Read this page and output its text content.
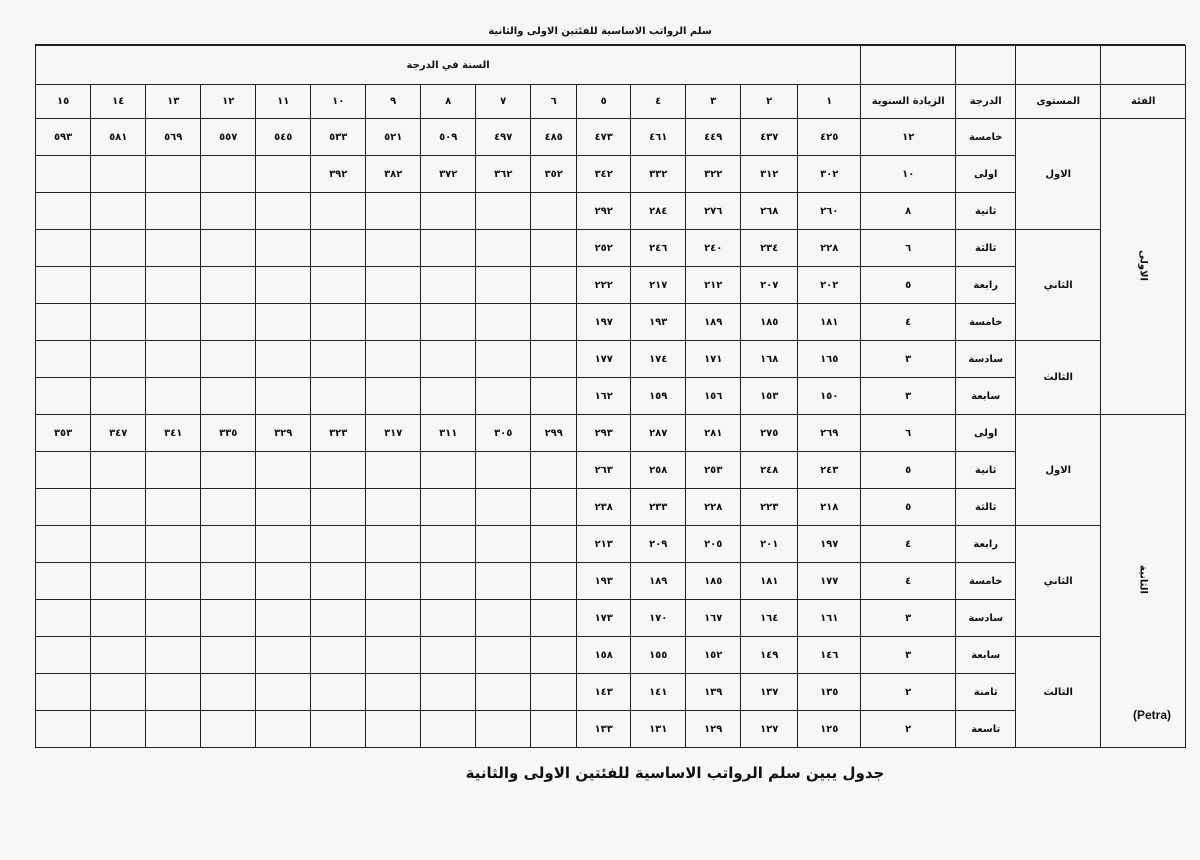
سلم الرواتب الاساسية للفئتين الاولى والثانية
				السنة في الدرجة														
الفئة	المستوى	الدرجة	الزيادة السنوية	١	٢	٣	٤	٥	٦	٧	٨	٩	١٠	١١	١٢	١٣	١٤	١٥
الاولى	الاول	خامسة	١٢	٤٢٥	٤٣٧	٤٤٩	٤٦١	٤٧٣	٤٨٥	٤٩٧	٥٠٩	٥٢١	٥٣٣	٥٤٥	٥٥٧	٥٦٩	٥٨١	٥٩٣
		اولى	١٠	٣٠٢	٣١٢	٣٢٢	٣٣٢	٣٤٢	٣٥٢	٣٦٢	٣٧٢	٣٨٢	٣٩٢					
		ثانية	٨	٢٦٠	٢٦٨	٢٧٦	٢٨٤	٢٩٢										
	الثاني	ثالثة	٦	٢٢٨	٢٣٤	٢٤٠	٢٤٦	٢٥٢										
		رابعة	٥	٢٠٢	٢٠٧	٢١٢	٢١٧	٢٢٢										
		خامسة	٤	١٨١	١٨٥	١٨٩	١٩٣	١٩٧										
	الثالث	سادسة	٣	١٦٥	١٦٨	١٧١	١٧٤	١٧٧										
		سابعة	٣	١٥٠	١٥٣	١٥٦	١٥٩	١٦٢										
الثانية	الاول	اولى	٦	٢٦٩	٢٧٥	٢٨١	٢٨٧	٢٩٣	٢٩٩	٣٠٥	٣١١	٣١٧	٣٢٣	٣٢٩	٣٣٥	٣٤١	٣٤٧	٣٥٣
		ثانية	٥	٢٤٣	٢٤٨	٢٥٣	٢٥٨	٢٦٣										
		ثالثة	٥	٢١٨	٢٢٣	٢٢٨	٢٣٣	٢٣٨										
	الثاني	رابعة	٤	١٩٧	٢٠١	٢٠٥	٢٠٩	٢١٣										
		خامسة	٤	١٧٧	١٨١	١٨٥	١٨٩	١٩٣										
		سادسة	٣	١٦١	١٦٤	١٦٧	١٧٠	١٧٣										
	الثالث	سابعة	٣	١٤٦	١٤٩	١٥٢	١٥٥	١٥٨										
		ثامنة	٢	١٣٥	١٣٧	١٣٩	١٤١	١٤٣										
		تاسعة	٢	١٢٥	١٢٧	١٢٩	١٣١	١٣٣										
(Petra)
جدول يبين سلم الرواتب الاساسية للفئتين الاولى والثانية
